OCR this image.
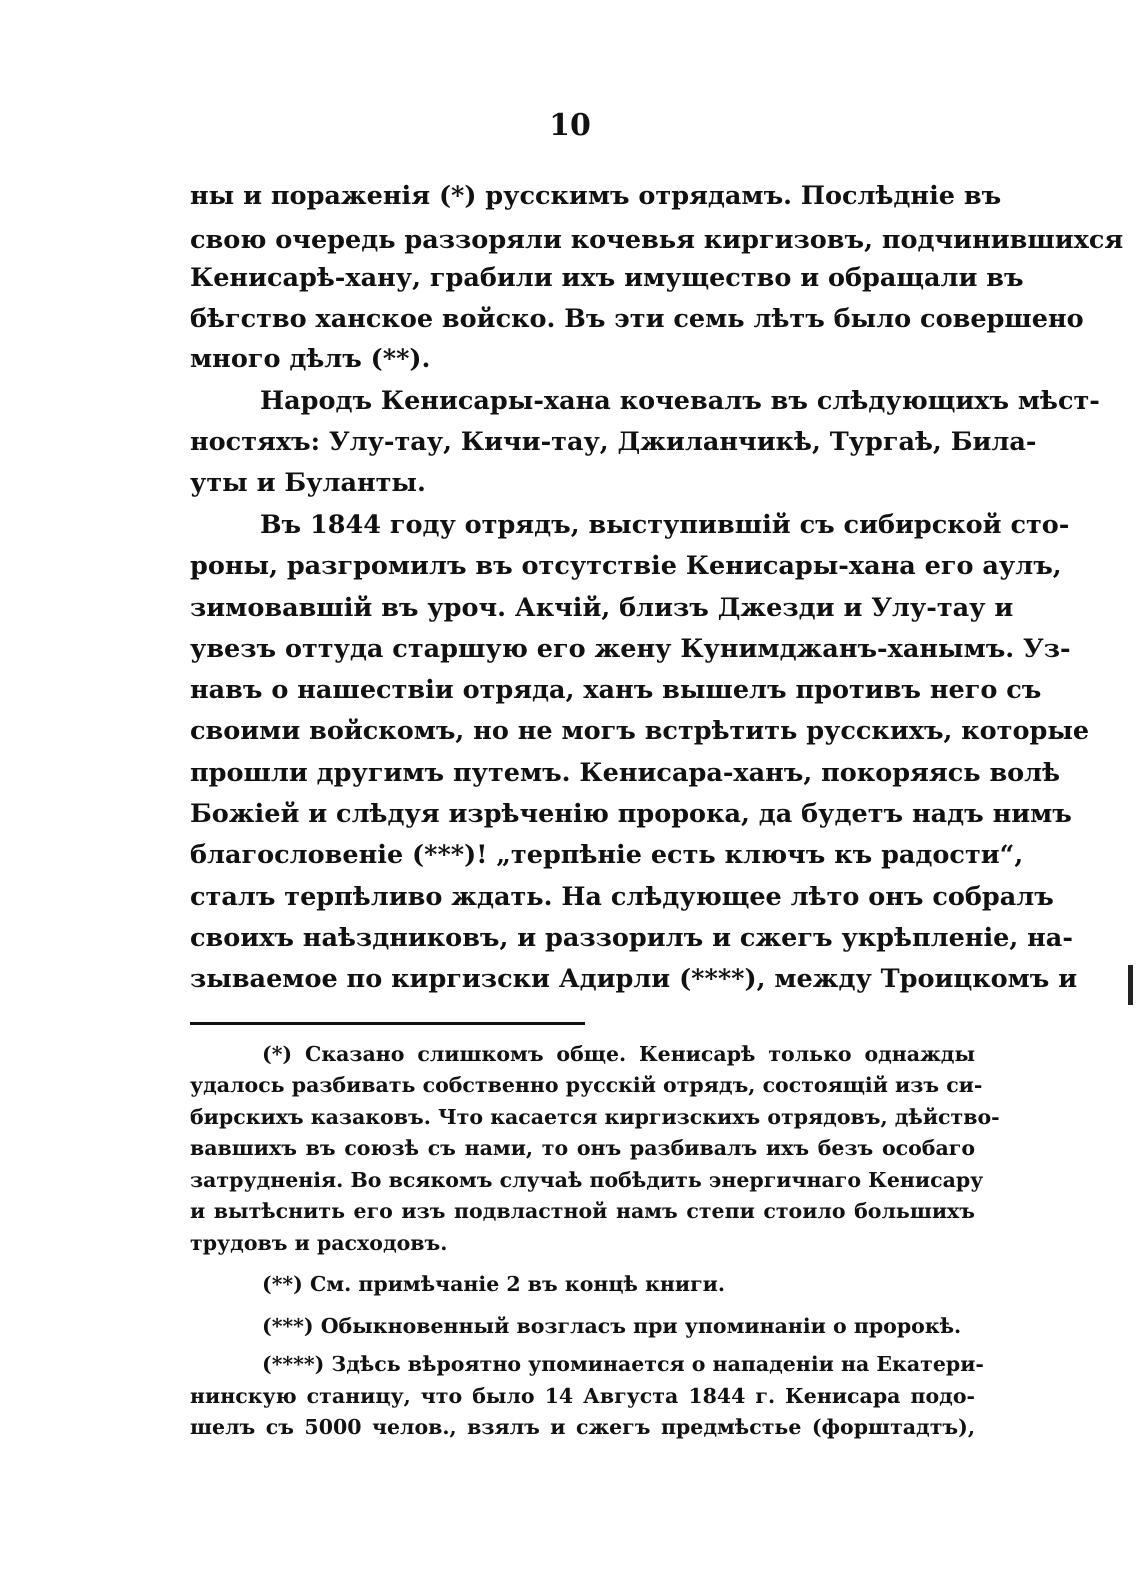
10

ны и пораженія (*) русскимъ отрядамъ. Послѣдніе въ

свою очередь раззоряли кочевья киргизовъ, подчинившихся

Кенисарѣ-хану, грабили ихъ имущество и обращали въ

бѣгство ханское войско. Въ эти семь лѣтъ было совершено

много дѣлъ (**).

Народъ Кенисары-хана кочевалъ въ слѣдующихъ мѣст-

ностяхъ: Улу-тау, Кичи-тау, Джиланчикѣ, Тургаѣ, Била-

уты и Буланты.

Въ 1844 году отрядъ, выступившій съ сибирской сто-

роны, разгромилъ въ отсутствіе Кенисары-хана его аулъ,

зимовавшій въ уроч. Акчій, близъ Джезди и Улу-тау и

увезъ оттуда старшую его жену Кунимджанъ-ханымъ. Уз-

навъ о нашествіи отряда, ханъ вышелъ противъ него съ

своими войскомъ, но не могъ встрѣтить русскихъ, которые

прошли другимъ путемъ. Кенисара-ханъ, покоряясь волѣ

Божіей и слѣдуя изрѣченію пророка, да будетъ надъ нимъ

благословеніе (***)! „терпѣніе есть ключъ къ радости“,

сталъ терпѣливо ждать. На слѣдующее лѣто онъ собралъ

своихъ наѣздниковъ, и раззорилъ и сжегъ укрѣпленіе, на-

зываемое по киргизски Адирли (****), между Троицкомъ и

(*) Сказано слишкомъ обще. Кенисарѣ только однажды

удалось разбивать собственно русскій отрядъ, состоящій изъ си-

бирскихъ казаковъ. Что касается киргизскихъ отрядовъ, дѣйство-

вавшихъ въ союзѣ съ нами, то онъ разбивалъ ихъ безъ особаго

затрудненія. Во всякомъ случаѣ побѣдить энергичнаго Кенисару

и вытѣснить его изъ подвластной намъ степи стоило большихъ

трудовъ и расходовъ.

(**) См. примѣчаніе 2 въ концѣ книги.

(***) Обыкновенный возгласъ при упоминаніи о пророкѣ.

(****) Здѣсь вѣроятно упоминается о нападеніи на Екатери-

нинскую станицу, что было 14 Августа 1844 г. Кенисара подо-

шелъ съ 5000 челов., взялъ и сжегъ предмѣстье (форштадтъ),
